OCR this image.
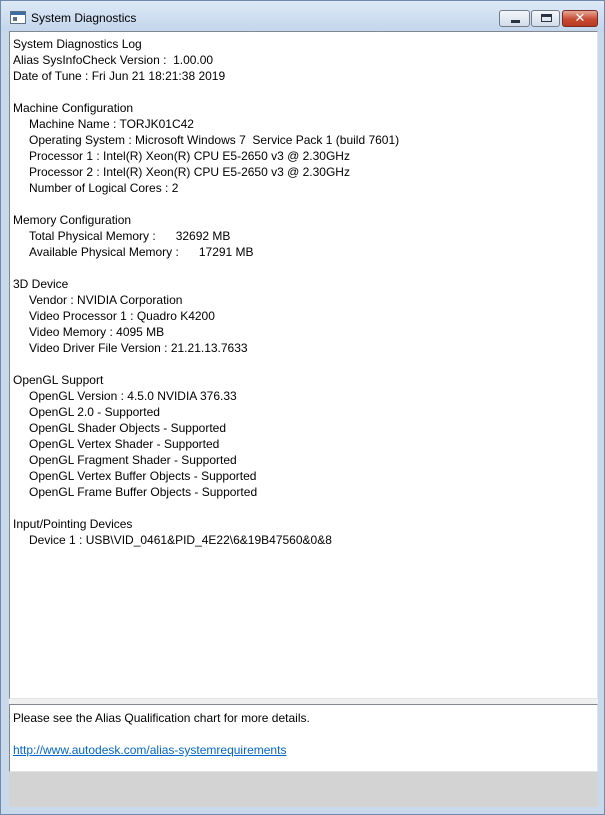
System Diagnostics	✕
System Diagnostics Log
Alias SysInfoCheck Version :  1.00.00
Date of Tune : Fri Jun 21 18:21:38 2019
Machine Configuration
Machine Name : TORJK01C42
Operating System : Microsoft Windows 7  Service Pack 1 (build 7601)
Processor 1 : Intel(R) Xeon(R) CPU E5-2650 v3 @ 2.30GHz
Processor 2 : Intel(R) Xeon(R) CPU E5-2650 v3 @ 2.30GHz
Number of Logical Cores : 2
Memory Configuration
Total Physical Memory :      32692 MB
Available Physical Memory :      17291 MB
3D Device
Vendor : NVIDIA Corporation
Video Processor 1 : Quadro K4200
Video Memory : 4095 MB
Video Driver File Version : 21.21.13.7633
OpenGL Support
OpenGL Version : 4.5.0 NVIDIA 376.33
OpenGL 2.0 - Supported
OpenGL Shader Objects - Supported
OpenGL Vertex Shader - Supported
OpenGL Fragment Shader - Supported
OpenGL Vertex Buffer Objects - Supported
OpenGL Frame Buffer Objects - Supported
Input/Pointing Devices
Device 1 : USB\VID_0461&PID_4E22\6&19B47560&0&8
Please see the Alias Qualification chart for more details.
http://www.autodesk.com/alias-systemrequirements
